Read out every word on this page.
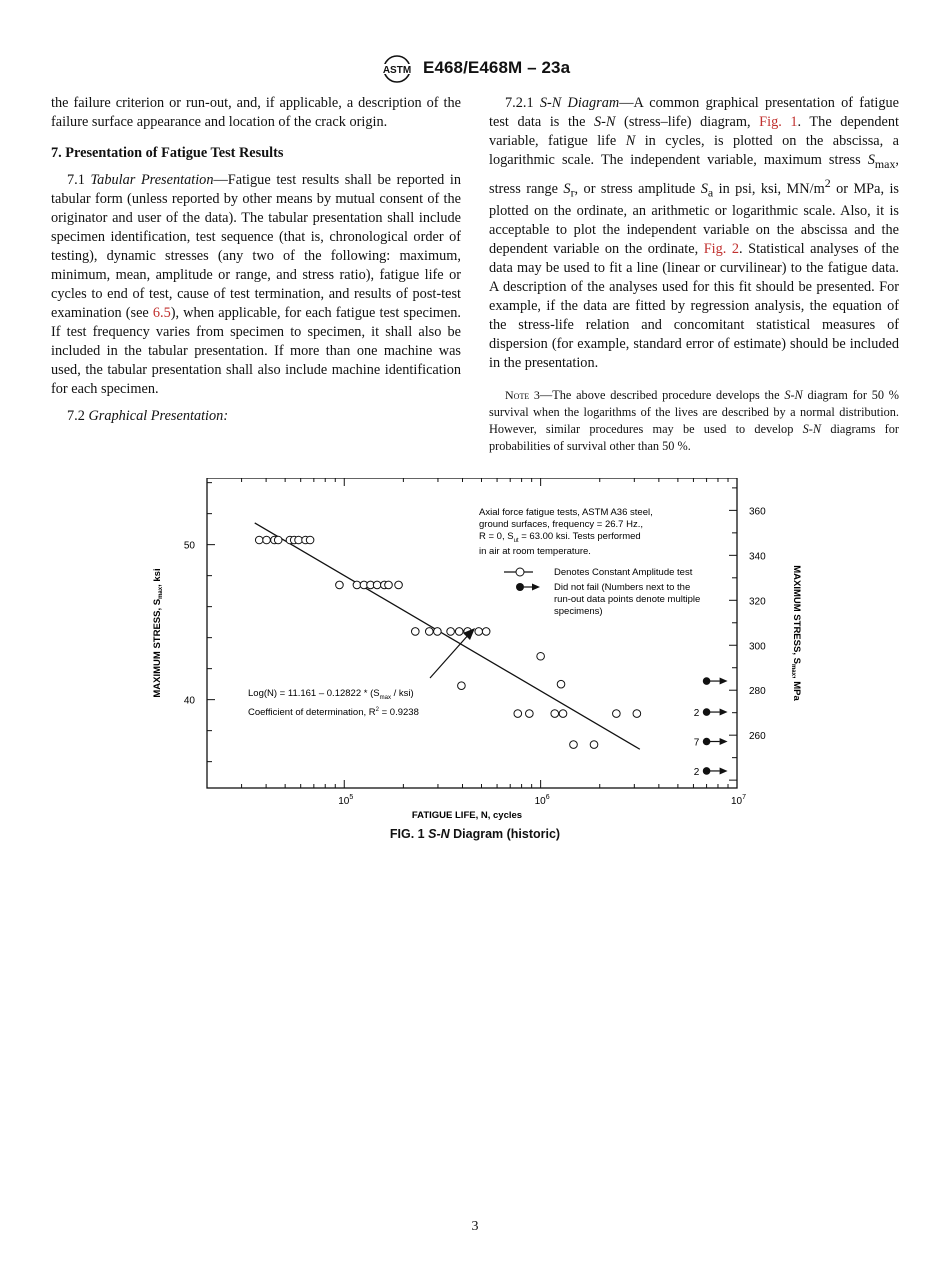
ASTM E468/E468M – 23a

the failure criterion or run-out, and, if applicable, a description of the failure surface appearance and location of the crack origin.

7. Presentation of Fatigue Test Results

7.1 Tabular Presentation—Fatigue test results shall be reported in tabular form (unless reported by other means by mutual consent of the originator and user of the data). The tabular presentation shall include specimen identification, test sequence (that is, chronological order of testing), dynamic stresses (any two of the following: maximum, minimum, mean, amplitude or range, and stress ratio), fatigue life or cycles to end of test, cause of test termination, and results of post-test examination (see 6.5), when applicable, for each fatigue test specimen. If test frequency varies from specimen to specimen, it shall also be included in the tabular presentation. If more than one machine was used, the tabular presentation shall also include machine identification for each specimen.

7.2 Graphical Presentation:

7.2.1 S-N Diagram—A common graphical presentation of fatigue test data is the S-N (stress–life) diagram, Fig. 1. The dependent variable, fatigue life N in cycles, is plotted on the abscissa, a logarithmic scale. The independent variable, maximum stress $S_{max}$, stress range $S_r$, or stress amplitude $S_a$ in psi, ksi, $MN/m^2$ or MPa, is plotted on the ordinate, an arithmetic or logarithmic scale. Also, it is acceptable to plot the independent variable on the abscissa and the dependent variable on the ordinate, Fig. 2. Statistical analyses of the data may be used to fit a line (linear or curvilinear) to the fatigue data. A description of the analyses used for this fit should be presented. For example, if the data are fitted by regression analysis, the equation of the stress-life relation and concomitant statistical measures of dispersion (for example, standard error of estimate) should be included in the presentation.

Note 3—The above described procedure develops the S-N diagram for 50 % survival when the logarithms of the lives are described by a normal distribution. However, similar procedures may be used to develop S-N diagrams for probabilities of survival other than 50 %.

$10^5$	$10^6$	$10^7$
50
40
360
340
320
300
280
260
2
7
2
MAXIMUM STRESS, $S_{max}$, ksi	MAXIMUM STRESS, $S_{max}$, MPa
FATIGUE LIFE, N, cycles
Axial force fatigue tests, ASTM A36 steel,
ground surfaces, frequency = 26.7 Hz.,
R = 0, $S_{ut} = 63.00$ ksi. Tests performed
in air at room temperature.
Denotes Constant Amplitude test
Did not fail (Numbers next to the
run-out data points denote multiple
specimens)
$Log(N) = 11.161 - 0.12822 * (S_{max} / ksi)$
Coefficient of determination, $R^2 = 0.9238$
FIG. 1 S-N Diagram (historic)
3
